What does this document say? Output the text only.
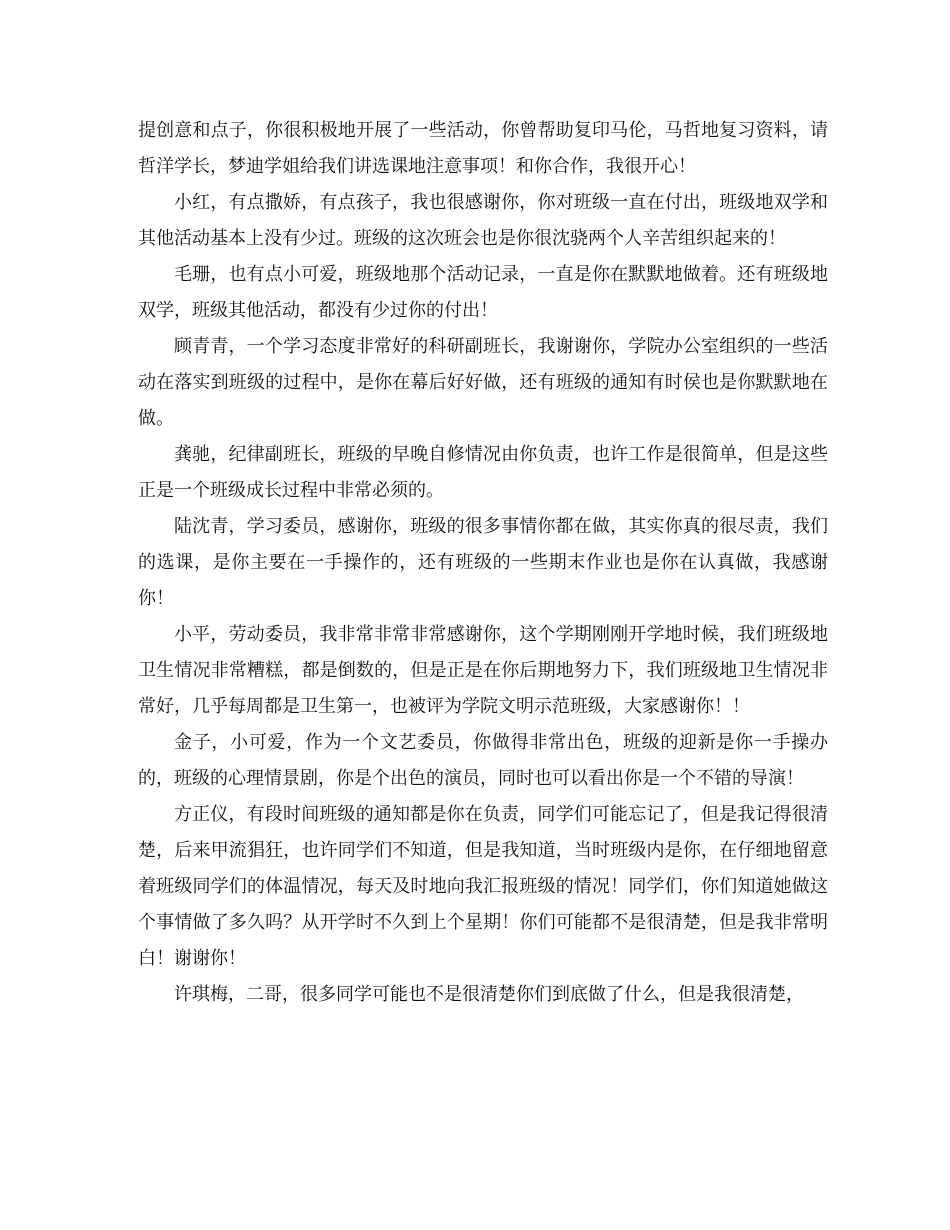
提创意和点子，你很积极地开展了一些活动，你曾帮助复印马伦，马哲地复习资料，请哲洋学长，梦迪学姐给我们讲选课地注意事项！和你合作，我很开心！

小红，有点撒娇，有点孩子，我也很感谢你，你对班级一直在付出，班级地双学和其他活动基本上没有少过。班级的这次班会也是你很沈骁两个人辛苦组织起来的！

毛珊，也有点小可爱，班级地那个活动记录，一直是你在默默地做着。还有班级地双学，班级其他活动，都没有少过你的付出！

顾青青，一个学习态度非常好的科研副班长，我谢谢你，学院办公室组织的一些活动在落实到班级的过程中，是你在幕后好好做，还有班级的通知有时侯也是你默默地在做。

龚驰，纪律副班长，班级的早晚自修情况由你负责，也许工作是很简单，但是这些正是一个班级成长过程中非常必须的。

陆沈青，学习委员，感谢你，班级的很多事情你都在做，其实你真的很尽责，我们的选课，是你主要在一手操作的，还有班级的一些期末作业也是你在认真做，我感谢你！

小平，劳动委员，我非常非常非常感谢你，这个学期刚刚开学地时候，我们班级地卫生情况非常糟糕，都是倒数的，但是正是在你后期地努力下，我们班级地卫生情况非常好，几乎每周都是卫生第一，也被评为学院文明示范班级，大家感谢你！！

金子，小可爱，作为一个文艺委员，你做得非常出色，班级的迎新是你一手操办的，班级的心理情景剧，你是个出色的演员，同时也可以看出你是一个不错的导演！

方正仪，有段时间班级的通知都是你在负责，同学们可能忘记了，但是我记得很清楚，后来甲流猖狂，也许同学们不知道，但是我知道，当时班级内是你，在仔细地留意着班级同学们的体温情况，每天及时地向我汇报班级的情况！同学们，你们知道她做这个事情做了多久吗？从开学时不久到上个星期！你们可能都不是很清楚，但是我非常明白！谢谢你！

许琪梅，二哥，很多同学可能也不是很清楚你们到底做了什么，但是我很清楚，
